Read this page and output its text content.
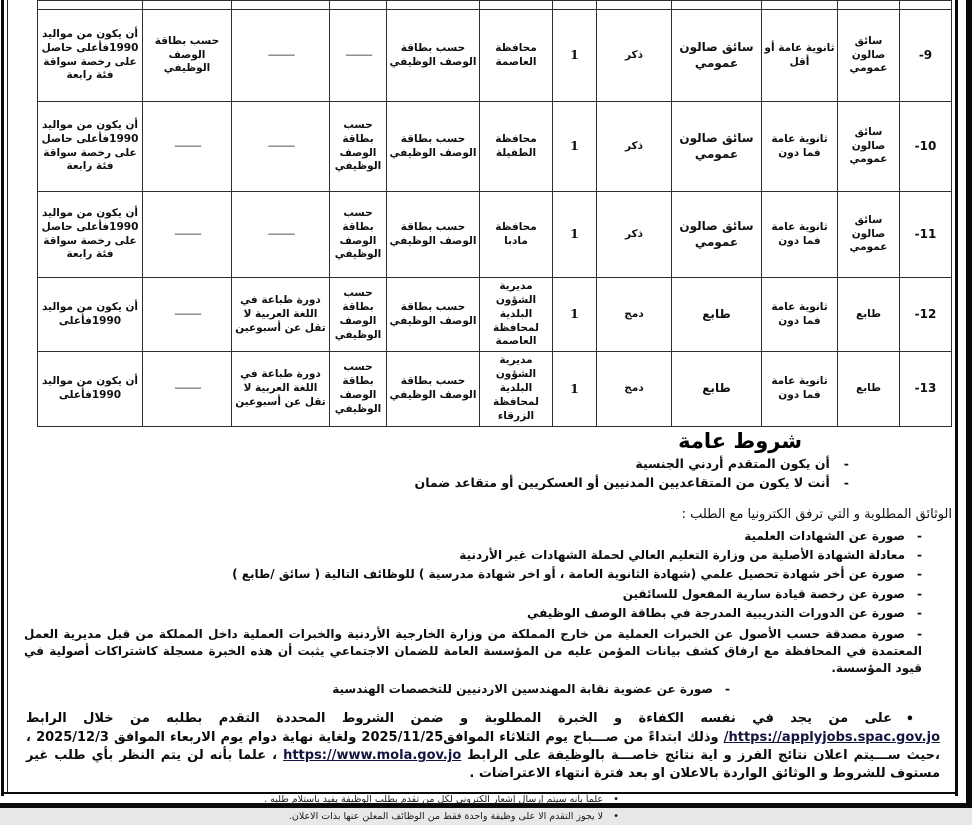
-9	سائق صالون عمومي	ثانوية عامة أو أقل	سائق صالون عمومي	ذكر	1	محافظة العاصمة	حسب بطاقة الوصف الوظيفي	———	———	حسب بطاقة الوصف الوظيفي	أن يكون من مواليد 1990فأعلى حاصل على رخصة سواقة فئة رابعة
-10	سائق صالون عمومي	ثانوية عامة فما دون	سائق صالون عمومي	ذكر	1	محافظة الطفيلة	حسب بطاقة الوصف الوظيفي	حسب بطاقة الوصف الوظيفي	———	———	أن يكون من مواليد 1990فأعلى حاصل على رخصة سواقة فئة رابعة
-11	سائق صالون عمومي	ثانوية عامة فما دون	سائق صالون عمومي	ذكر	1	محافظة مادبا	حسب بطاقة الوصف الوظيفي	حسب بطاقة الوصف الوظيفي	———	———	أن يكون من مواليد 1990فأعلى حاصل على رخصة سواقة فئة رابعة
-12	طابع	ثانوية عامة فما دون	طابع	دمج	1	مديرية الشؤون البلدية لمحافظة العاصمة	حسب بطاقة الوصف الوظيفي	حسب بطاقة الوصف الوظيفي	دورة طباعة في اللغة العربية لا تقل عن أسبوعين	———	أن يكون من مواليد 1990فأعلى
-13	طابع	ثانوية عامة فما دون	طابع	دمج	1	مديرية الشؤون البلدية لمحافظة الزرقاء	حسب بطاقة الوصف الوظيفي	حسب بطاقة الوصف الوظيفي	دورة طباعة في اللغة العربية لا تقل عن أسبوعين	———	أن يكون من مواليد 1990فأعلى
شروط عامة
-أن يكون المتقدم أردني الجنسية
-أنت لا يكون من المتقاعديين المدنيين أو العسكريين أو متقاعد ضمان
الوثائق المطلوبة و التي ترفق الكترونيا مع الطلب :
-صورة عن الشهادات العلمية
-معادلة الشهادة الأصلية من وزارة التعليم العالي لحملة الشهادات غير الأردنية
-صورة عن أخر شهادة تحصيل علمي (شهادة الثانوية العامة ، أو اخر شهادة مدرسية ) للوظائف التالية ( سائق /طابع )
-صورة عن رخصة قيادة سارية المفعول للسائقين
-صورة عن الدورات التدريبية المدرجة في بطاقة الوصف الوظيفي
-صورة مصدقة حسب الأصول عن الخبرات العملية من خارج المملكة من وزارة الخارجية الأردنية والخبرات العملية داخل المملكة من قبل مديرية العمل المعتمدة في المحافظة مع ارفاق كشف بيانات المؤمن عليه من المؤسسة العامة للضمان الاجتماعي يثبت أن هذه الخبرة مسجلة كاشتراكات أصولية في قيود المؤسسة.
-صورة عن عضوية نقابة المهندسين الاردنيين للتخصصات الهندسية
•
على من يجد في نفسه الكفاءة و الخبرة المطلوبة و ضمن الشروط المحددة التقدم بطلبه من خلال الرابط https://applyjobs.spac.gov.jo/ وذلك ابتداءً من صـــباح يوم الثلاثاء الموافق2025/11/25 ولغاية نهاية دوام يوم الاربعاء الموافق 2025/12/3 ، ،حيث ســـيتم اعلان نتائج الفرز و اية نتائج خاصـــة بالوظيفة على الرابط https://www.mola.gov.jo ، علما بأنه لن يتم النظر بأي طلب غير مستوف للشروط و الوثائق الواردة بالاعلان او بعد فترة انتهاء الاعتراضات .
•علماً بأنه سيتم إرسال إشعار الكتروني لكل من تقدم بطلب الوظيفة يفيد باستلام طلبه .
•لا يجوز التقدم الا على وظيفة واحدة فقط من الوظائف المعلن عنها بذات الاعلان.
